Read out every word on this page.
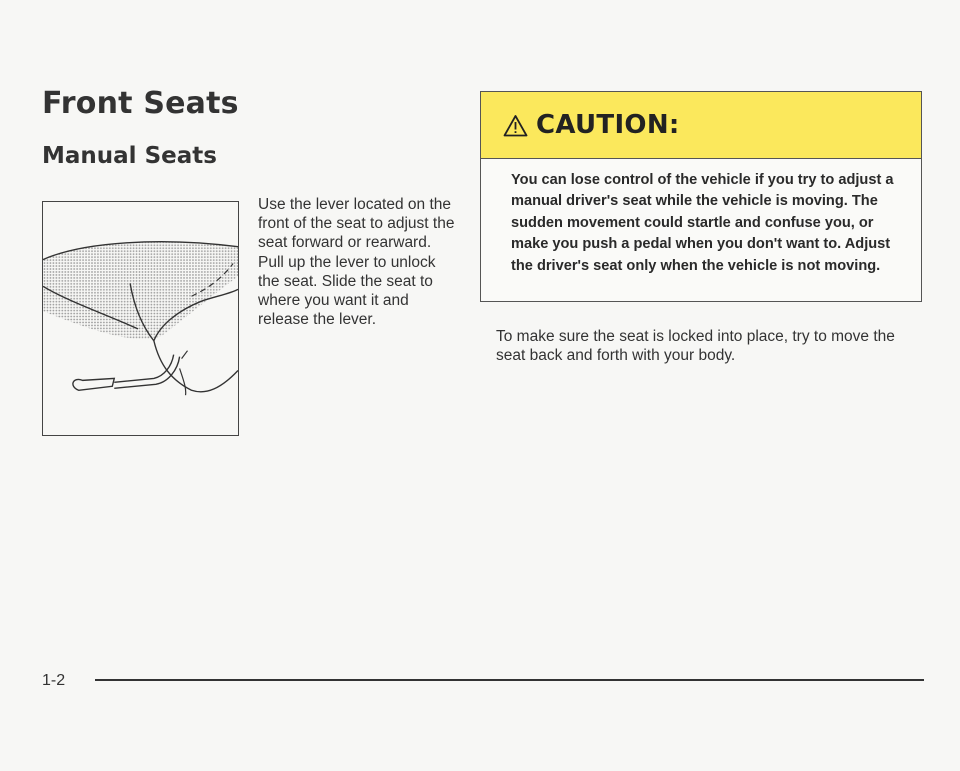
Front Seats
Manual Seats
Use the lever located on the front of the seat to adjust the seat forward or rearward. Pull up the lever to unlock the seat. Slide the seat to where you want it and release the lever.
CAUTION:
You can lose control of the vehicle if you try to adjust a manual driver's seat while the vehicle is moving. The sudden movement could startle and confuse you, or make you push a pedal when you don't want to. Adjust the driver's seat only when the vehicle is not moving.
To make sure the seat is locked into place, try to move the seat back and forth with your body.
1-2
